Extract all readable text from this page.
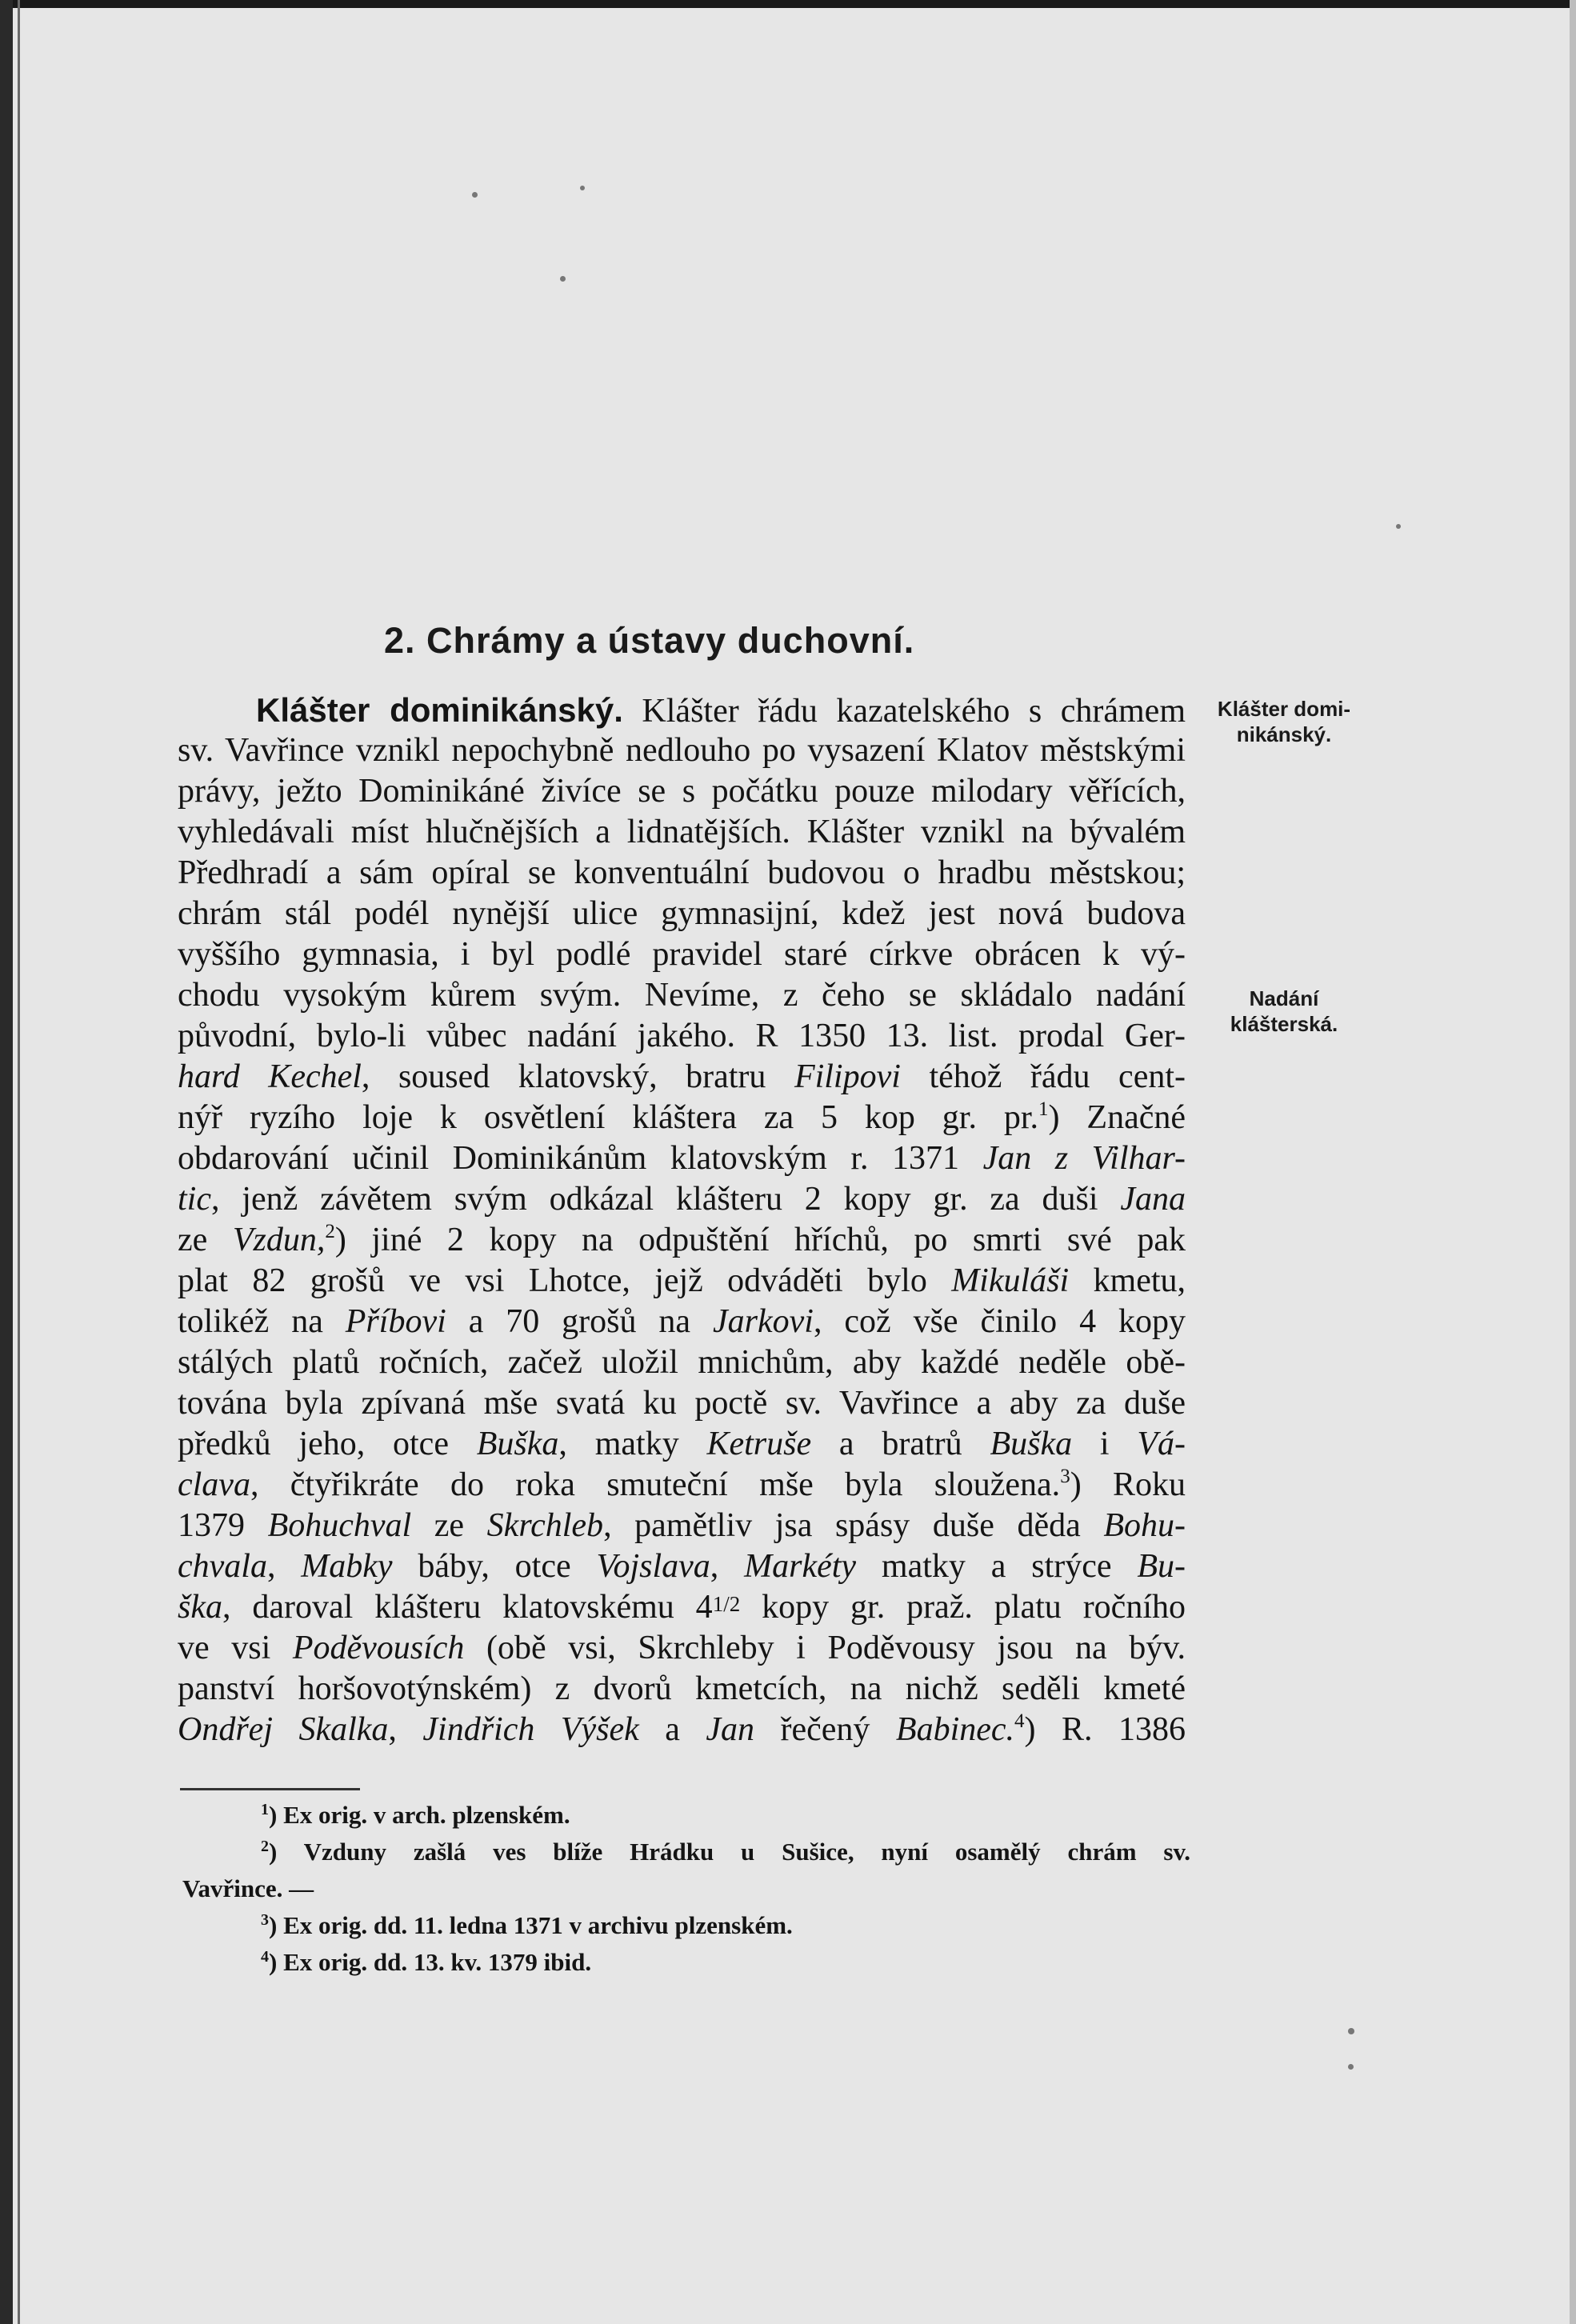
2. Chrámy a ústavy duchovní.
Klášter dominikánský. Klášter řádu kazatelského s chrámem
sv. Vavřince vznikl nepochybně nedlouho po vysazení Klatov městskými
právy, ježto Dominikáné živíce se s počátku pouze milodary věřících,
vyhledávali míst hlučnějších a lidnatějších. Klášter vznikl na bývalém
Předhradí a sám opíral se konventuální budovou o hradbu městskou;
chrám stál podél nynější ulice gymnasijní, kdež jest nová budova
vyššího gymnasia, i byl podlé pravidel staré církve obrácen k vý-
chodu vysokým kůrem svým. Nevíme, z čeho se skládalo nadání
původní, bylo-li vůbec nadání jakého. R 1350 13. list. prodal Ger-
hard Kechel, soused klatovský, bratru Filipovi téhož řádu cent-
nýř ryzího loje k osvětlení kláštera za 5 kop gr. pr.$^1$) Značné
obdarování učinil Dominikánům klatovským r. 1371 Jan z Vilhar-
tic, jenž závětem svým odkázal klášteru 2 kopy gr. za duši Jana
ze Vzdun,$^2$) jiné 2 kopy na odpuštění hříchů, po smrti své pak
plat 82 grošů ve vsi Lhotce, jejž odváděti bylo Mikuláši kmetu,
tolikéž na Příbovi a 70 grošů na Jarkovi, což vše činilo 4 kopy
stálých platů ročních, začež uložil mnichům, aby každé neděle obě-
tována byla zpívaná mše svatá ku poctě sv. Vavřince a aby za duše
předků jeho, otce Buška, matky Ketruše a bratrů Buška i Vá-
clava, čtyřikráte do roka smuteční mše byla sloužena.$^3$) Roku
1379 Bohuchval ze Skrchleb, pamětliv jsa spásy duše děda Bohu-
chvala, Mabky báby, otce Vojslava, Markéty matky a strýce Bu-
ška, daroval klášteru klatovskému 41/2 kopy gr. praž. platu ročního
ve vsi Poděvousích (obě vsi, Skrchleby i Poděvousy jsou na býv.
panství horšovotýnském) z dvorů kmetcích, na nichž seděli kmeté
Ondřej Skalka, Jindřich Výšek a Jan řečený Babinec.$^4$) R. 1386
Klášter domi-
nikánský.
Nadání
klášterská.
$^1$) Ex orig. v arch. plzenském.
$^2$) Vzduny zašlá ves blíže Hrádku u Sušice, nyní osamělý chrám sv.
Vavřince. —
$^3$) Ex orig. dd. 11. ledna 1371 v archivu plzenském.
$^4$) Ex orig. dd. 13. kv. 1379 ibid.
